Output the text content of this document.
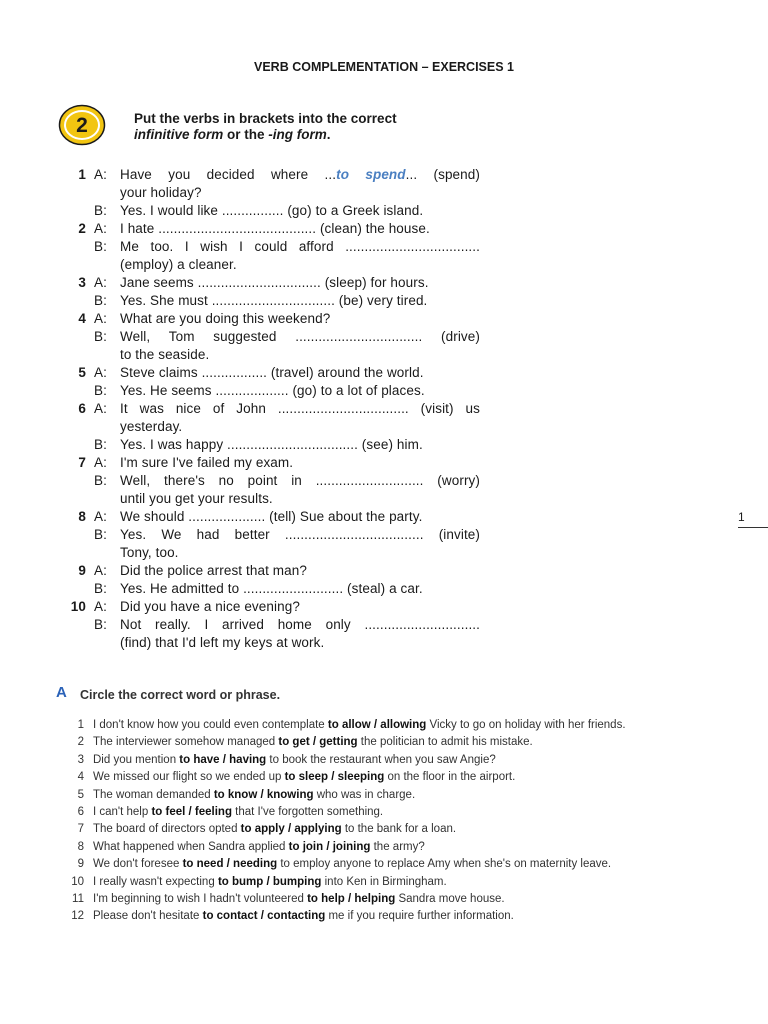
VERB COMPLEMENTATION – EXERCISES 1
2	Put the verbs in brackets into the correct
infinitive form or the -ing form.
1 A: Have you decided where ...to spend... (spend)
your holiday?
B: Yes. I would like ................ (go) to a Greek island.
2 A: I hate ......................................... (clean) the house.
B: Me too. I wish I could afford ...................................
(employ) a cleaner.
3 A: Jane seems ................................ (sleep) for hours.
B: Yes. She must ................................ (be) very tired.
4 A: What are you doing this weekend?
B: Well, Tom suggested ................................. (drive)
to the seaside.
5 A: Steve claims ................. (travel) around the world.
B: Yes. He seems ................... (go) to a lot of places.
6 A: It was nice of John .................................. (visit) us
yesterday.
B: Yes. I was happy .................................. (see) him.
7 A: I'm sure I've failed my exam.
B: Well, there's no point in ............................ (worry)
until you get your results.
8 A: We should .................... (tell) Sue about the party.
B: Yes. We had better .................................... (invite)
Tony, too.
9 A: Did the police arrest that man?
B: Yes. He admitted to .......................... (steal) a car.
10 A: Did you have a nice evening?
B: Not really. I arrived home only ..............................
(find) that I'd left my keys at work.
1
A Circle the correct word or phrase.
1 I don't know how you could even contemplate to allow / allowing Vicky to go on holiday with her friends.
2 The interviewer somehow managed to get / getting the politician to admit his mistake.
3 Did you mention to have / having to book the restaurant when you saw Angie?
4 We missed our flight so we ended up to sleep / sleeping on the floor in the airport.
5 The woman demanded to know / knowing who was in charge.
6 I can't help to feel / feeling that I've forgotten something.
7 The board of directors opted to apply / applying to the bank for a loan.
8 What happened when Sandra applied to join / joining the army?
9 We don't foresee to need / needing to employ anyone to replace Amy when she's on maternity leave.
10 I really wasn't expecting to bump / bumping into Ken in Birmingham.
11 I'm beginning to wish I hadn't volunteered to help / helping Sandra move house.
12 Please don't hesitate to contact / contacting me if you require further information.
